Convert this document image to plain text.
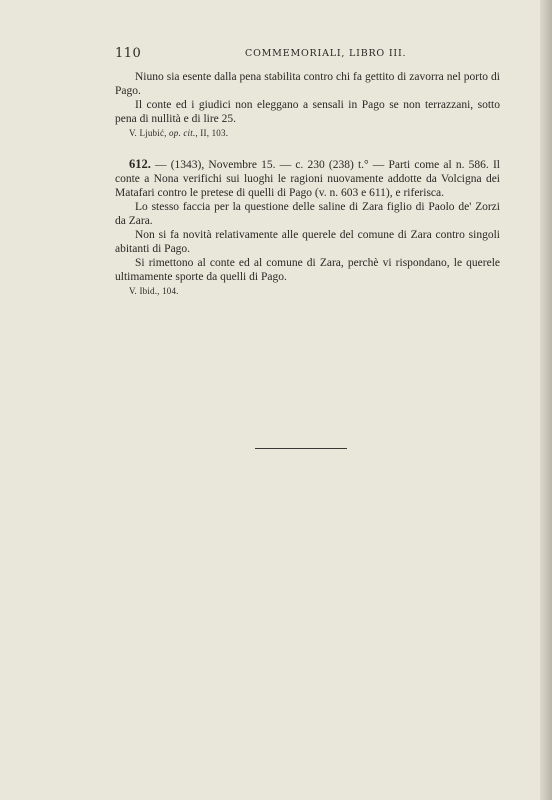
110	COMMEMORIALI, LIBRO III.

Niuno sia esente dalla pena stabilita contro chi fa gettito di zavorra nel porto di Pago.

Il conte ed i giudici non eleggano a sensali in Pago se non terrazzani, sotto pena di nullità e di lire 25.

V. Ljubić, op. cit., II, 103.

612. — (1343), Novembre 15. — c. 230 (238) t.° — Parti come al n. 586. Il conte a Nona verifichi sui luoghi le ragioni nuovamente addotte da Volcigna dei Matafari contro le pretese di quelli di Pago (v. n. 603 e 611), e riferisca.

Lo stesso faccia per la questione delle saline di Zara figlio di Paolo de' Zorzi da Zara.

Non si fa novità relativamente alle querele del comune di Zara contro singoli abitanti di Pago.

Si rimettono al conte ed al comune di Zara, perchè vi rispondano, le querele ultimamente sporte da quelli di Pago.

V. Ibid., 104.
